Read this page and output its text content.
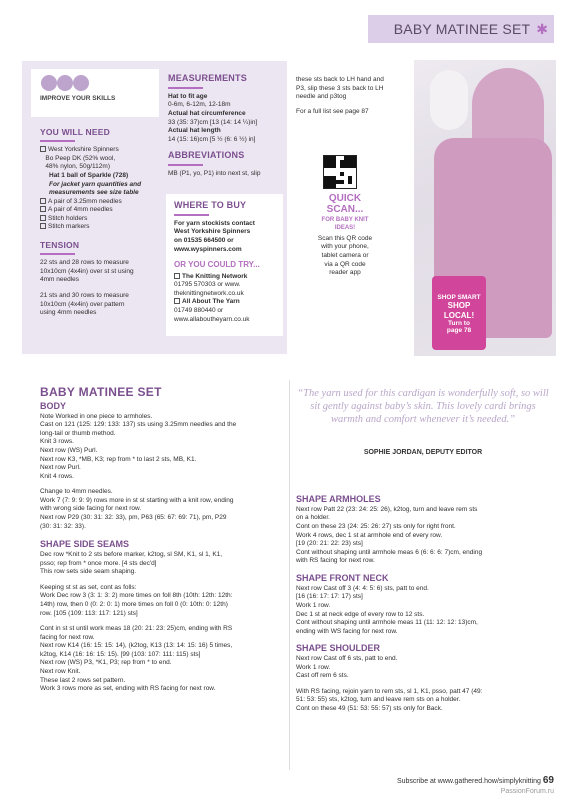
BABY MATINEE SET ✱
IMPROVE YOUR SKILLS
YOU WILL NEED
West Yorkshire Spinners
Bo Peep DK (52% wool,
48% nylon, 50g/112m)
Hat 1 ball of Sparkle (728)
For jacket yarn quantities and
measurements see size table
A pair of 3.25mm needles
A pair of 4mm needles
Stitch holders
Stitch markers
TENSION
22 sts and 28 rows to measure
10x10cm (4x4in) over st st using
4mm needles
21 sts and 30 rows to measure
10x10cm (4x4in) over pattern
using 4mm needles
MEASUREMENTS
Hat to fit age
0-6m, 6-12m, 12-18m
Actual hat circumference
33 (35: 37)cm [13 (14: 14 ¼)in]
Actual hat length
14 (15: 16)cm [5 ½ (6: 6 ½) in]
ABBREVIATIONS
MB (P1, yo, P1) into next st, slip
these sts back to LH hand and
P3, slip these 3 sts back to LH
needle and p3tog
For a full list see page 87
WHERE TO BUY
For yarn stockists contact
West Yorkshire Spinners
on 01535 664500 or
www.wyspinners.com
OR YOU COULD TRY...
The Knitting Network
01795 570303 or www.
theknittingnetwork.co.uk
All About The Yarn
01749 880440 or
www.allaboutheyarn.co.uk
QUICK
SCAN...
FOR BABY KNIT IDEAS!
Scan this QR code
with your phone,
tablet camera or
via a QR code
reader app
SHOP SMART
SHOP
LOCAL!
Turn to
page 78
BABY MATINEE SET
BODY
Note Worked in one piece to armholes.
Cast on 121 (125: 129: 133: 137) sts using 3.25mm needles and the
long-tail or thumb method.
Knit 3 rows.
Next row (WS) Purl.
Next row K3, *MB, K3; rep from * to last 2 sts, MB, K1.
Next row Purl.
Knit 4 rows.
Change to 4mm needles.
Work 7 (7: 9: 9: 9) rows more in st st starting with a knit row, ending
with wrong side facing for next row.
Next row P29 (30: 31: 32: 33), pm, P63 (65: 67: 69: 71), pm, P29
(30: 31: 32: 33).
SHAPE SIDE SEAMS
Dec row *Knit to 2 sts before marker, k2tog, sl SM, K1, sl 1, K1,
psso; rep from * once more. [4 sts dec'd]
This row sets side seam shaping.
Keeping st st as set, cont as folls:
Work Dec row 3 (3: 1: 3: 2) more times on foll 8th (10th: 12th: 12th:
14th) row, then 0 (0: 2: 0: 1) more times on foll 0 (0: 10th: 0: 12th)
row. [105 (109: 113: 117: 121) sts]
Cont in st st until work meas 18 (20: 21: 23: 25)cm, ending with RS
facing for next row.
Next row K14 (16: 15: 15: 14), (k2tog, K13 (13: 14: 15: 16) 5 times,
k2tog, K14 (16: 16: 15: 15). [99 (103: 107: 111: 115) sts]
Next row (WS) P3, *K1, P3; rep from * to end.
Next row Knit.
These last 2 rows set pattern.
Work 3 rows more as set, ending with RS facing for next row.
“The yarn used for this cardigan is wonderfully soft, so will sit gently against baby’s skin. This lovely cardi brings warmth and comfort whenever it’s needed.”
SOPHIE JORDAN, DEPUTY EDITOR
SHAPE ARMHOLES
Next row Patt 22 (23: 24: 25: 26), k2tog, turn and leave rem sts
on a holder.
Cont on these 23 (24: 25: 26: 27) sts only for right front.
Work 4 rows, dec 1 st at armhole end of every row.
[19 (20: 21: 22: 23) sts]
Cont without shaping until armhole meas 6 (6: 6: 6: 7)cm, ending
with RS facing for next row.
SHAPE FRONT NECK
Next row Cast off 3 (4: 4: 5: 6) sts, patt to end.
[16 (16: 17: 17: 17) sts]
Work 1 row.
Dec 1 st at neck edge of every row to 12 sts.
Cont without shaping until armhole meas 11 (11: 12: 12: 13)cm,
ending with WS facing for next row.
SHAPE SHOULDER
Next row Cast off 6 sts, patt to end.
Work 1 row.
Cast off rem 6 sts.
With RS facing, rejoin yarn to rem sts, sl 1, K1, psso, patt 47 (49:
51: 53: 55) sts, k2tog, turn and leave rem sts on a holder.
Cont on these 49 (51: 53: 55: 57) sts only for Back.
Subscribe at www.gathered.how/simplyknitting 69
PassionForum.ru
